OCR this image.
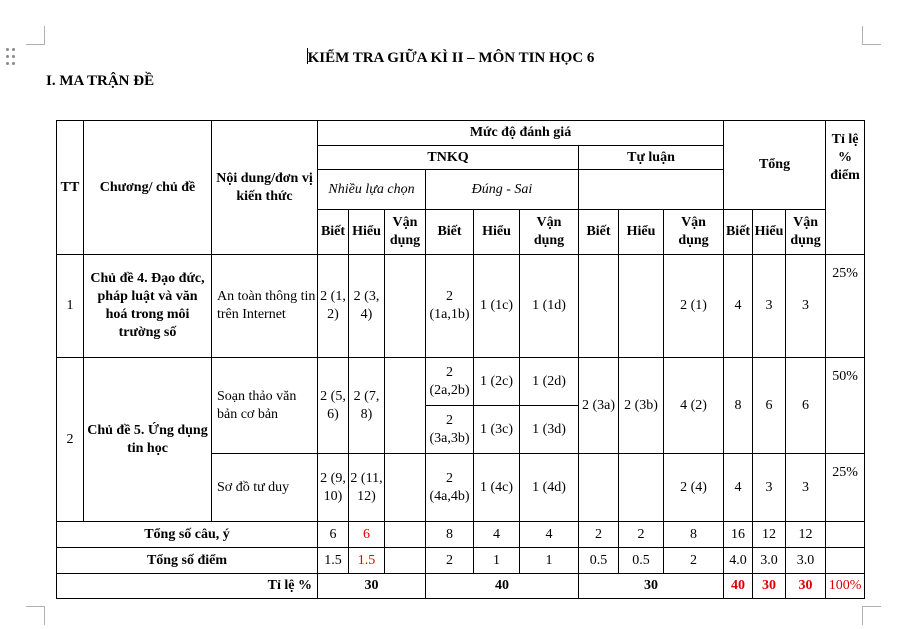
KIỂM TRA GIỮA KÌ II – MÔN TIN HỌC 6
I. MA TRẬN ĐỀ
TT	Chương/ chủ đề	Nội dung/đơn vị kiến thức	Mức độ đánh giá									Tổng			Tỉ lệ % điểm
			TNKQ						Tự luận						
			Nhiều lựa chọn			Đúng - Sai									
			Biết	Hiểu	Vận dụng	Biết	Hiểu	Vận dụng	Biết	Hiểu	Vận dụng	Biết	Hiểu	Vận dụng	
1	Chủ đề 4. Đạo đức, pháp luật và văn hoá trong môi trường số	An toàn thông tin trên Internet	2 (1, 2)	2 (3, 4)		2 (1a,1b)	1 (1c)	1 (1d)			2 (1)	4	3	3	25%
2	Chủ đề 5. Ứng dụng tin học	Soạn thảo văn bản cơ bản	2 (5, 6)	2 (7, 8)		2 (2a,2b)	1 (2c)	1 (2d)	2 (3a)	2 (3b)	4 (2)	8	6	6	50%
						2 (3a,3b)	1 (3c)	1 (3d)							
		Sơ đồ tư duy	2 (9, 10)	2 (11, 12)		2 (4a,4b)	1 (4c)	1 (4d)			2 (4)	4	3	3	25%
Tổng số câu, ý			6	6		8	4	4	2	2	8	16	12	12	
Tổng số điểm			1.5	1.5		2	1	1	0.5	0.5	2	4.0	3.0	3.0	
Tỉ lệ %			30			40			30			40	30	30	100%
